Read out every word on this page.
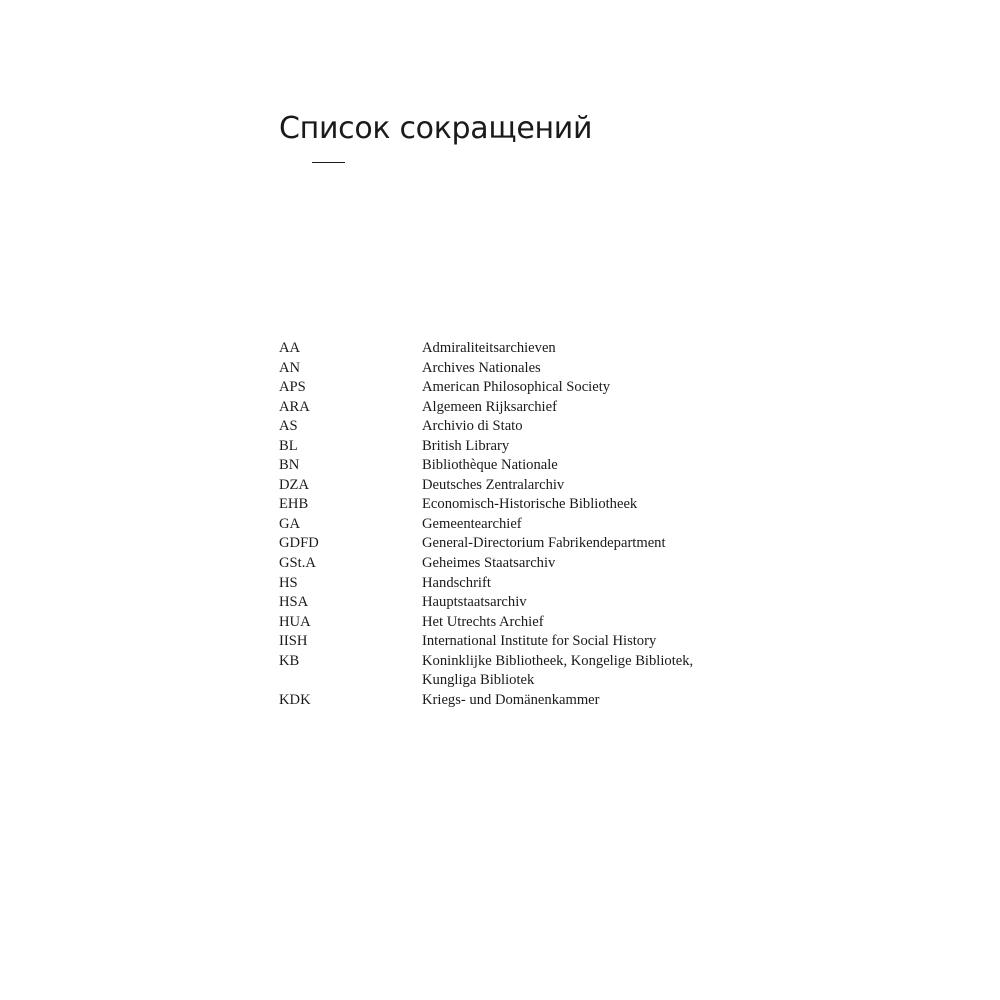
Список сокращений
AA	Admiraliteitsarchieven
AN	Archives Nationales
APS	American Philosophical Society
ARA	Algemeen Rijksarchief
AS	Archivio di Stato
BL	British Library
BN	Bibliothèque Nationale
DZA	Deutsches Zentralarchiv
EHB	Economisch-Historische Bibliotheek
GA	Gemeentearchief
GDFD	General-Directorium Fabrikendepartment
GSt.A	Geheimes Staatsarchiv
HS	Handschrift
HSA	Hauptstaatsarchiv
HUA	Het Utrechts Archief
IISH	International Institute for Social History
KB	Koninklijke Bibliotheek, Kongelige Bibliotek, Kungliga Bibliotek
KDK	Kriegs- und Domänenkammer
